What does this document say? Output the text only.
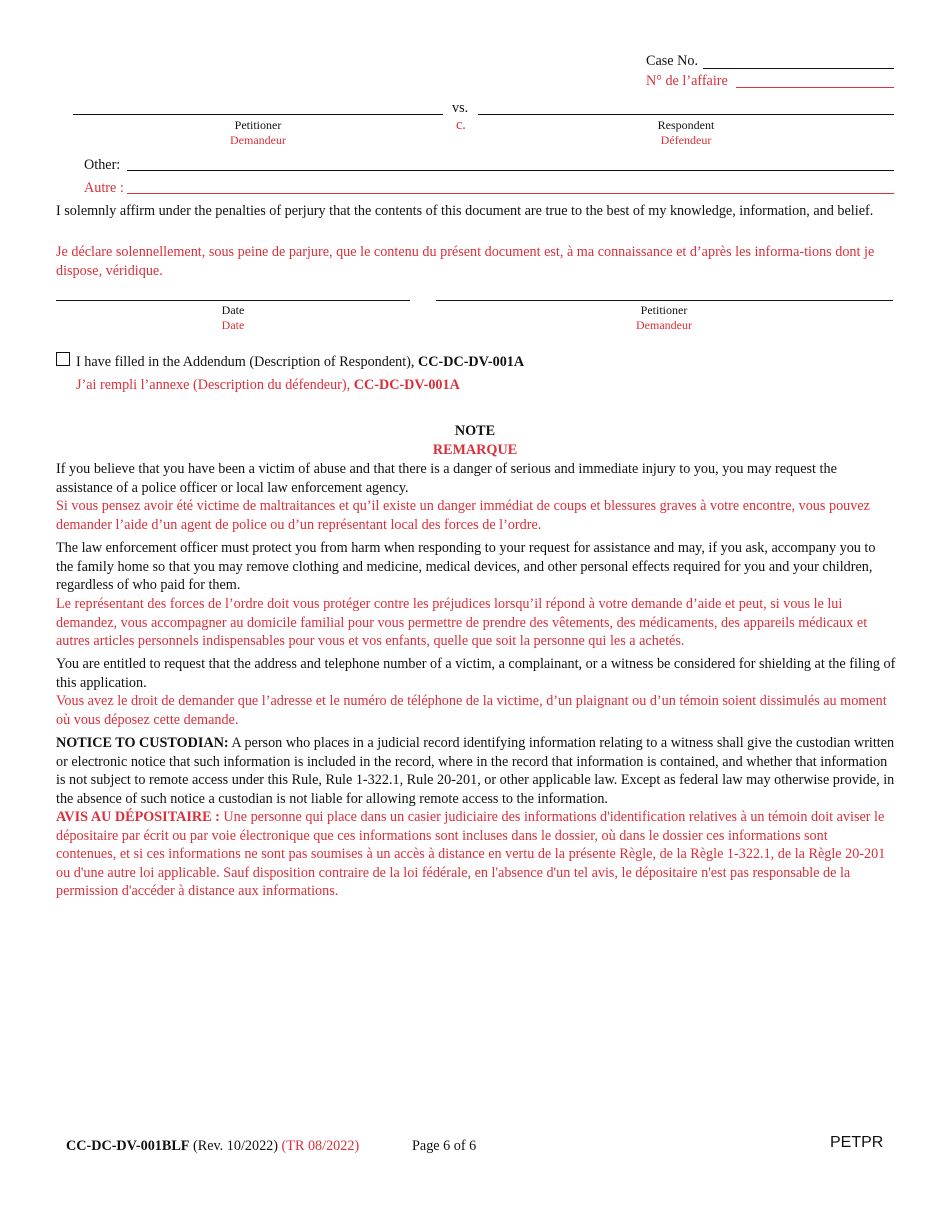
Case No.
N° de l’affaire
vs.
c.
Petitioner
Demandeur
Respondent
Défendeur
Other:
Autre :
I solemnly affirm under the penalties of perjury that the contents of this document are true to the best of my knowledge, information, and belief.
Je déclare solennellement, sous peine de parjure, que le contenu du présent document est, à ma connaissance et d’après les informa-tions dont je dispose, véridique.
Date
Date
Petitioner
Demandeur
I have filled in the Addendum (Description of Respondent), CC-DC-DV-001A
J’ai rempli l’annexe (Description du défendeur), CC-DC-DV-001A
NOTE
REMARQUE
If you believe that you have been a victim of abuse and that there is a danger of serious and immediate injury to you, you may request the assistance of a police officer or local law enforcement agency.
Si vous pensez avoir été victime de maltraitances et qu’il existe un danger immédiat de coups et blessures graves à votre encontre, vous pouvez demander l’aide d’un agent de police ou d’un représentant local des forces de l’ordre.
The law enforcement officer must protect you from harm when responding to your request for assistance and may, if you ask, accompany you to the family home so that you may remove clothing and medicine, medical devices, and other personal effects required for you and your children, regardless of who paid for them.
Le représentant des forces de l’ordre doit vous protéger contre les préjudices lorsqu’il répond à votre demande d’aide et peut, si vous le lui demandez, vous accompagner au domicile familial pour vous permettre de prendre des vêtements, des médicaments, des appareils médicaux et autres articles personnels indispensables pour vous et vos enfants, quelle que soit la personne qui les a achetés.
You are entitled to request that the address and telephone number of a victim, a complainant, or a witness be considered for shielding at the filing of this application.
Vous avez le droit de demander que l’adresse et le numéro de téléphone de la victime, d’un plaignant ou d’un témoin soient dissimulés au moment où vous déposez cette demande.
NOTICE TO CUSTODIAN: A person who places in a judicial record identifying information relating to a witness shall give the custodian written or electronic notice that such information is included in the record, where in the record that information is contained, and whether that information is not subject to remote access under this Rule, Rule 1-322.1, Rule 20-201, or other applicable law. Except as federal law may otherwise provide, in the absence of such notice a custodian is not liable for allowing remote access to the information.
AVIS AU DÉPOSITAIRE : Une personne qui place dans un casier judiciaire des informations d'identification relatives à un témoin doit aviser le dépositaire par écrit ou par voie électronique que ces informations sont incluses dans le dossier, où dans le dossier ces informations sont contenues, et si ces informations ne sont pas soumises à un accès à distance en vertu de la présente Règle, de la Règle 1-322.1, de la Règle 20-201 ou d'une autre loi applicable. Sauf disposition contraire de la loi fédérale, en l'absence d'un tel avis, le dépositaire n'est pas responsable de la permission d'accéder à distance aux informations.
CC-DC-DV-001BLF (Rev. 10/2022) (TR 08/2022)	Page 6 of 6	PETPR
